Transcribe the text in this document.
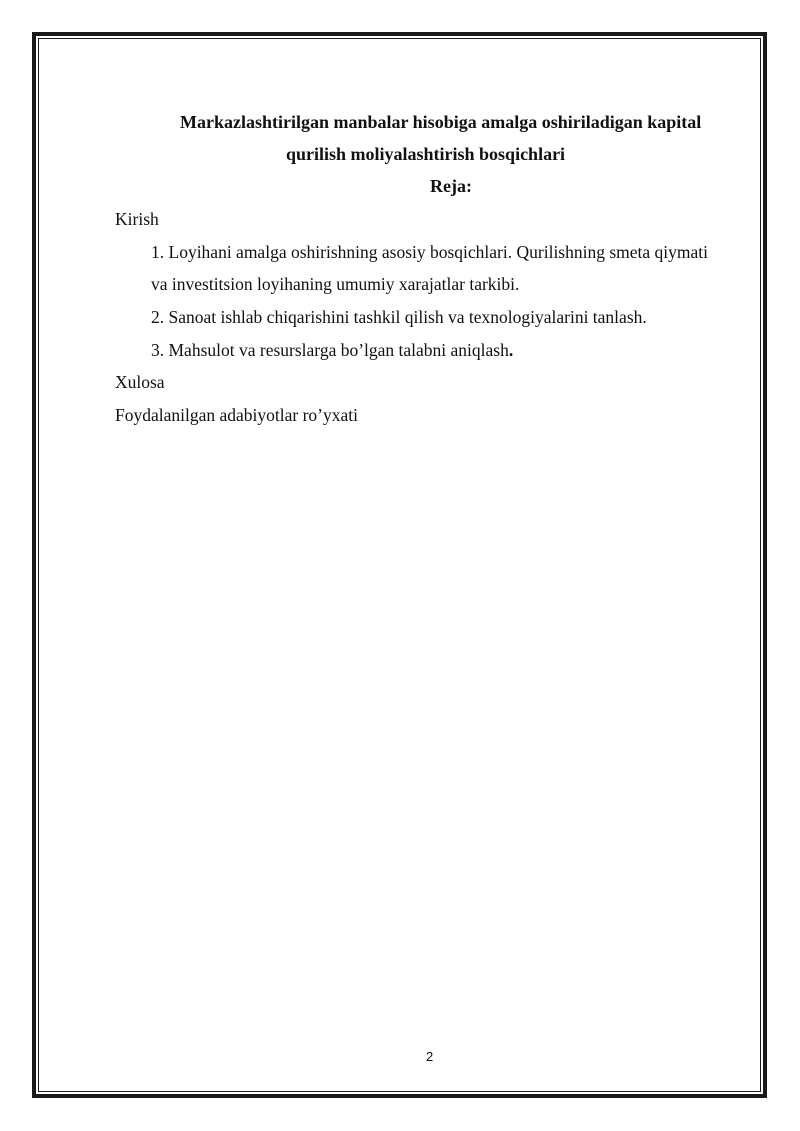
Markazlashtirilgan manbalar hisobiga amalga oshiriladigan kapital
qurilish moliyalashtirish bosqichlari
Reja:
Kirish
1. Loyihani amalga oshirishning asosiy bosqichlari. Qurilishning smeta qiymati
va investitsion loyihaning umumiy xarajatlar tarkibi.
2. Sanoat ishlab chiqarishini tashkil qilish va texnologiyalarini tanlash.
3. Mahsulot va resurslarga bo’lgan talabni aniqlash.
Xulosa
Foydalanilgan adabiyotlar ro’yxati
2
